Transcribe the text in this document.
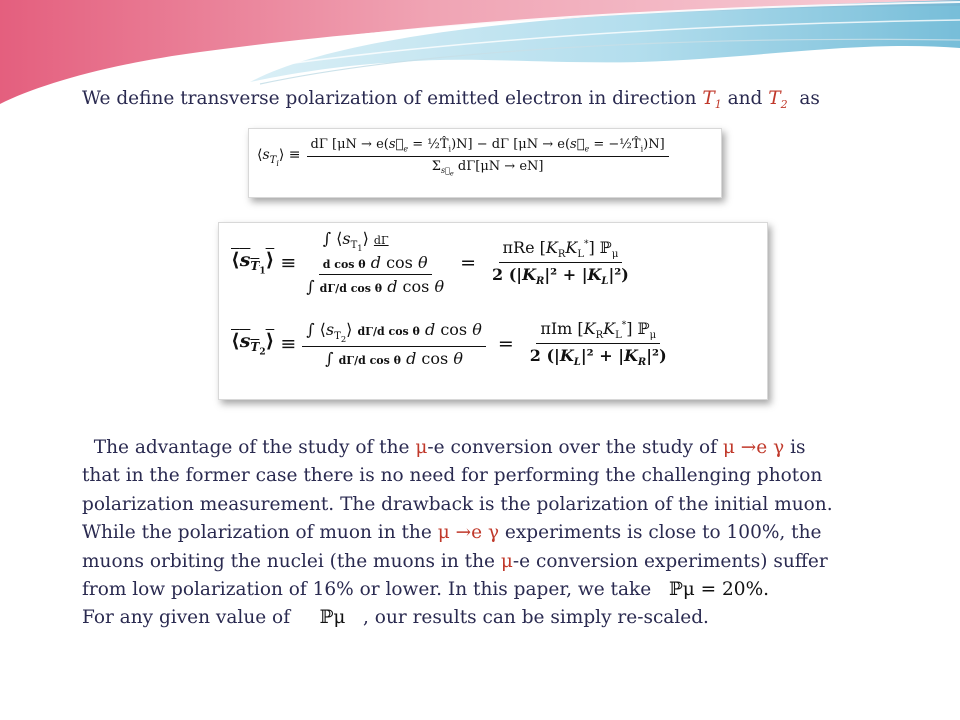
We define transverse polarization of emitted electron in direction $T_1$ and $T_2$ as
$⟨s_{T_i}⟩ \equiv \frac{d\Gamma [\mu N \to e(s⃗_e = \frac{1}{2}T̂_i)N] - d\Gamma [\mu N \to e(s⃗_e = -\frac{1}{2}T̂_i)N]}{\Sigma_{s⃗_e} d\Gamma[\mu N \to eN]}$
$⟨s_{T_1}⟩$ ≡
∫ $⟨s_{T_1}⟩$ dΓ
d cos θ d cos θ
∫ dΓ/d cos θ d cos θ
= $\frac{\pi Re [K_RK_L^*] ℙ_\mu}{2 (|K_R|^2 + |K_L|^2)}$
$⟨s_{T_2}⟩ \equiv \frac{\int ⟨s_{T_2}⟩ d\Gamma/d \cos \theta d \cos \theta}{\text{∫ dΓ/d cos θ d cos θ}} = \frac{\pi Im [K_RK_L^*] ℙ_\mu}{2 (|K_L|^2 + |K_R|^2)}$
The advantage of the study of the μ-e conversion over the study of μ →e γ is
that in the former case there is no need for performing the challenging photon
polarization measurement. The drawback is the polarization of the initial muon.
While the polarization of muon in the μ →e γ experiments is close to 100%, the
muons orbiting the nuclei (the muons in the μ-e conversion experiments) suffer
from low polarization of 16% or lower. In this paper, we take ℙμ = 20%.
For any given value of ℙμ , our results can be simply re-scaled.
